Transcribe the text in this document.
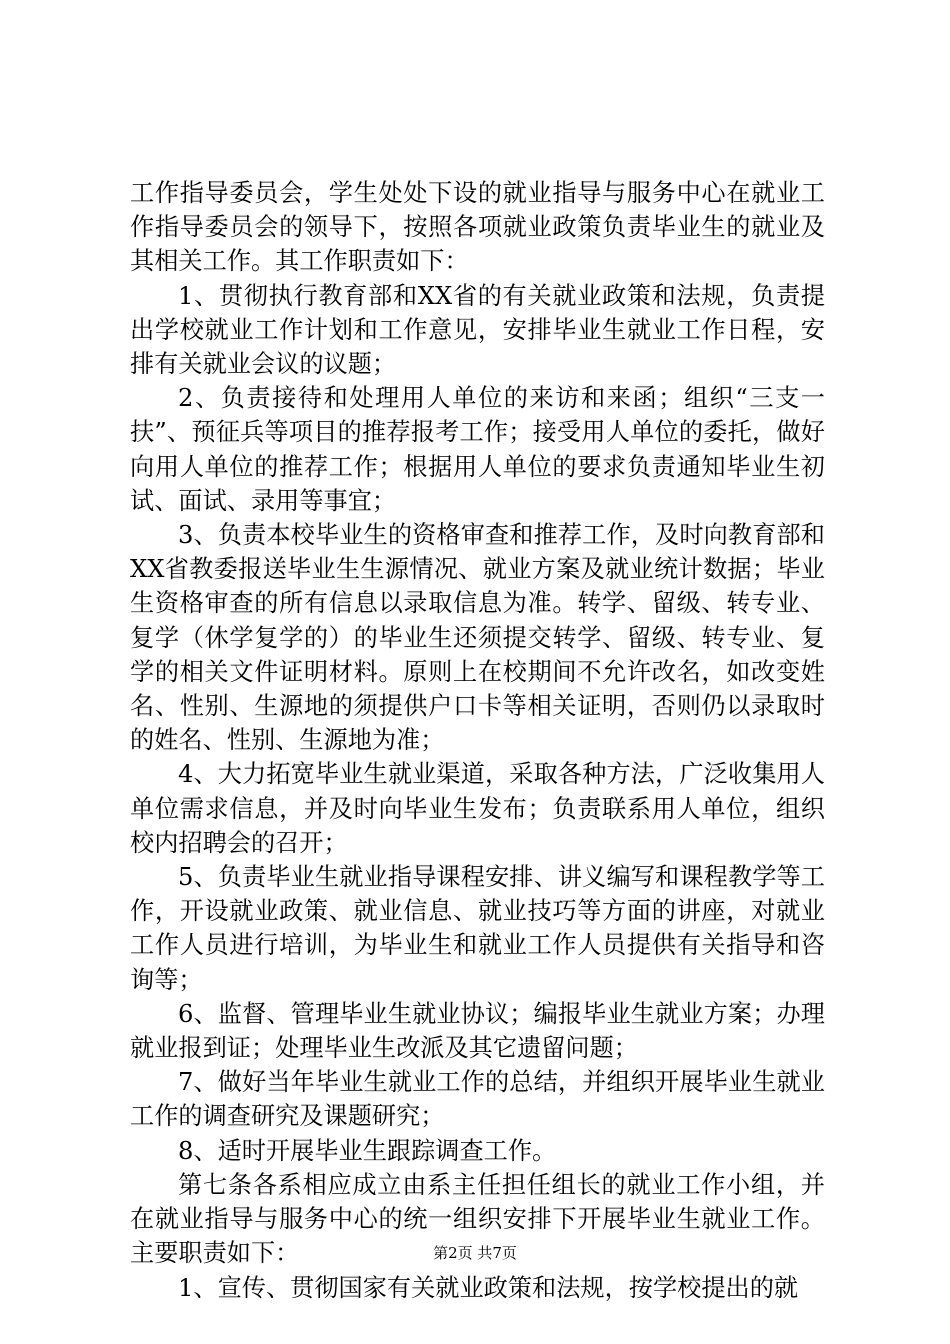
工作指导委员会，学生处处下设的就业指导与服务中心在就业工作指导委员会的领导下，按照各项就业政策负责毕业生的就业及其相关工作。其工作职责如下：

1、贯彻执行教育部和XX省的有关就业政策和法规，负责提出学校就业工作计划和工作意见，安排毕业生就业工作日程，安排有关就业会议的议题；

2、负责接待和处理用人单位的来访和来函；组织“三支一扶”、预征兵等项目的推荐报考工作；接受用人单位的委托，做好向用人单位的推荐工作；根据用人单位的要求负责通知毕业生初试、面试、录用等事宜；

3、负责本校毕业生的资格审查和推荐工作，及时向教育部和XX省教委报送毕业生生源情况、就业方案及就业统计数据；毕业生资格审查的所有信息以录取信息为准。转学、留级、转专业、复学（休学复学的）的毕业生还须提交转学、留级、转专业、复学的相关文件证明材料。原则上在校期间不允许改名，如改变姓名、性别、生源地的须提供户口卡等相关证明，否则仍以录取时的姓名、性别、生源地为准；

4、大力拓宽毕业生就业渠道，采取各种方法，广泛收集用人单位需求信息，并及时向毕业生发布；负责联系用人单位，组织校内招聘会的召开；

5、负责毕业生就业指导课程安排、讲义编写和课程教学等工作，开设就业政策、就业信息、就业技巧等方面的讲座，对就业工作人员进行培训，为毕业生和就业工作人员提供有关指导和咨询等；

6、监督、管理毕业生就业协议；编报毕业生就业方案；办理就业报到证；处理毕业生改派及其它遗留问题；

7、做好当年毕业生就业工作的总结，并组织开展毕业生就业工作的调查研究及课题研究；

8、适时开展毕业生跟踪调查工作。

第七条各系相应成立由系主任担任组长的就业工作小组，并在就业指导与服务中心的统一组织安排下开展毕业生就业工作。主要职责如下：

1、宣传、贯彻国家有关就业政策和法规，按学校提出的就

第2页 共7页
